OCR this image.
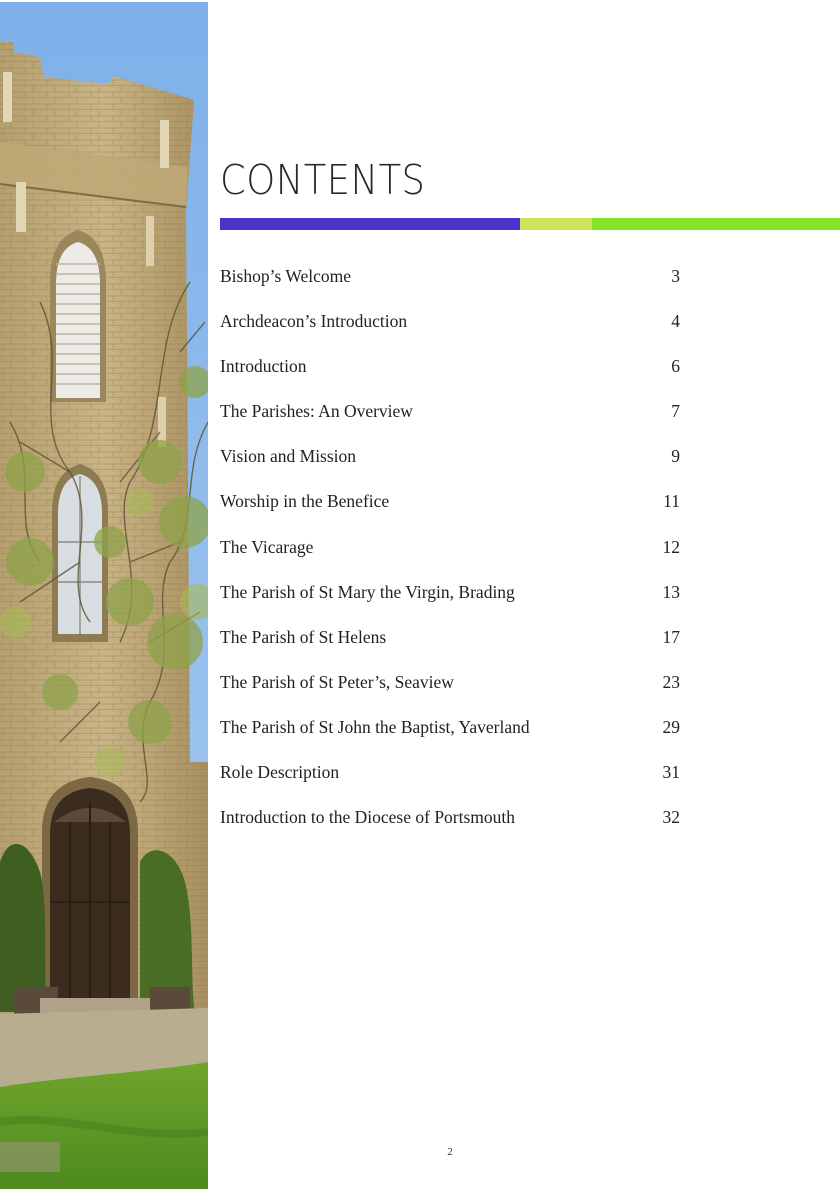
CONTENTS
Bishop’s Welcome	3
Archdeacon’s Introduction	4
Introduction	6
The Parishes: An Overview	7
Vision and Mission	9
Worship in the Benefice	11
The Vicarage	12
The Parish of St Mary the Virgin, Brading	13
The Parish of St Helens	17
The Parish of St Peter’s, Seaview	23
The Parish of St John the Baptist, Yaverland	29
Role Description	31
Introduction to the Diocese of Portsmouth	32
2
